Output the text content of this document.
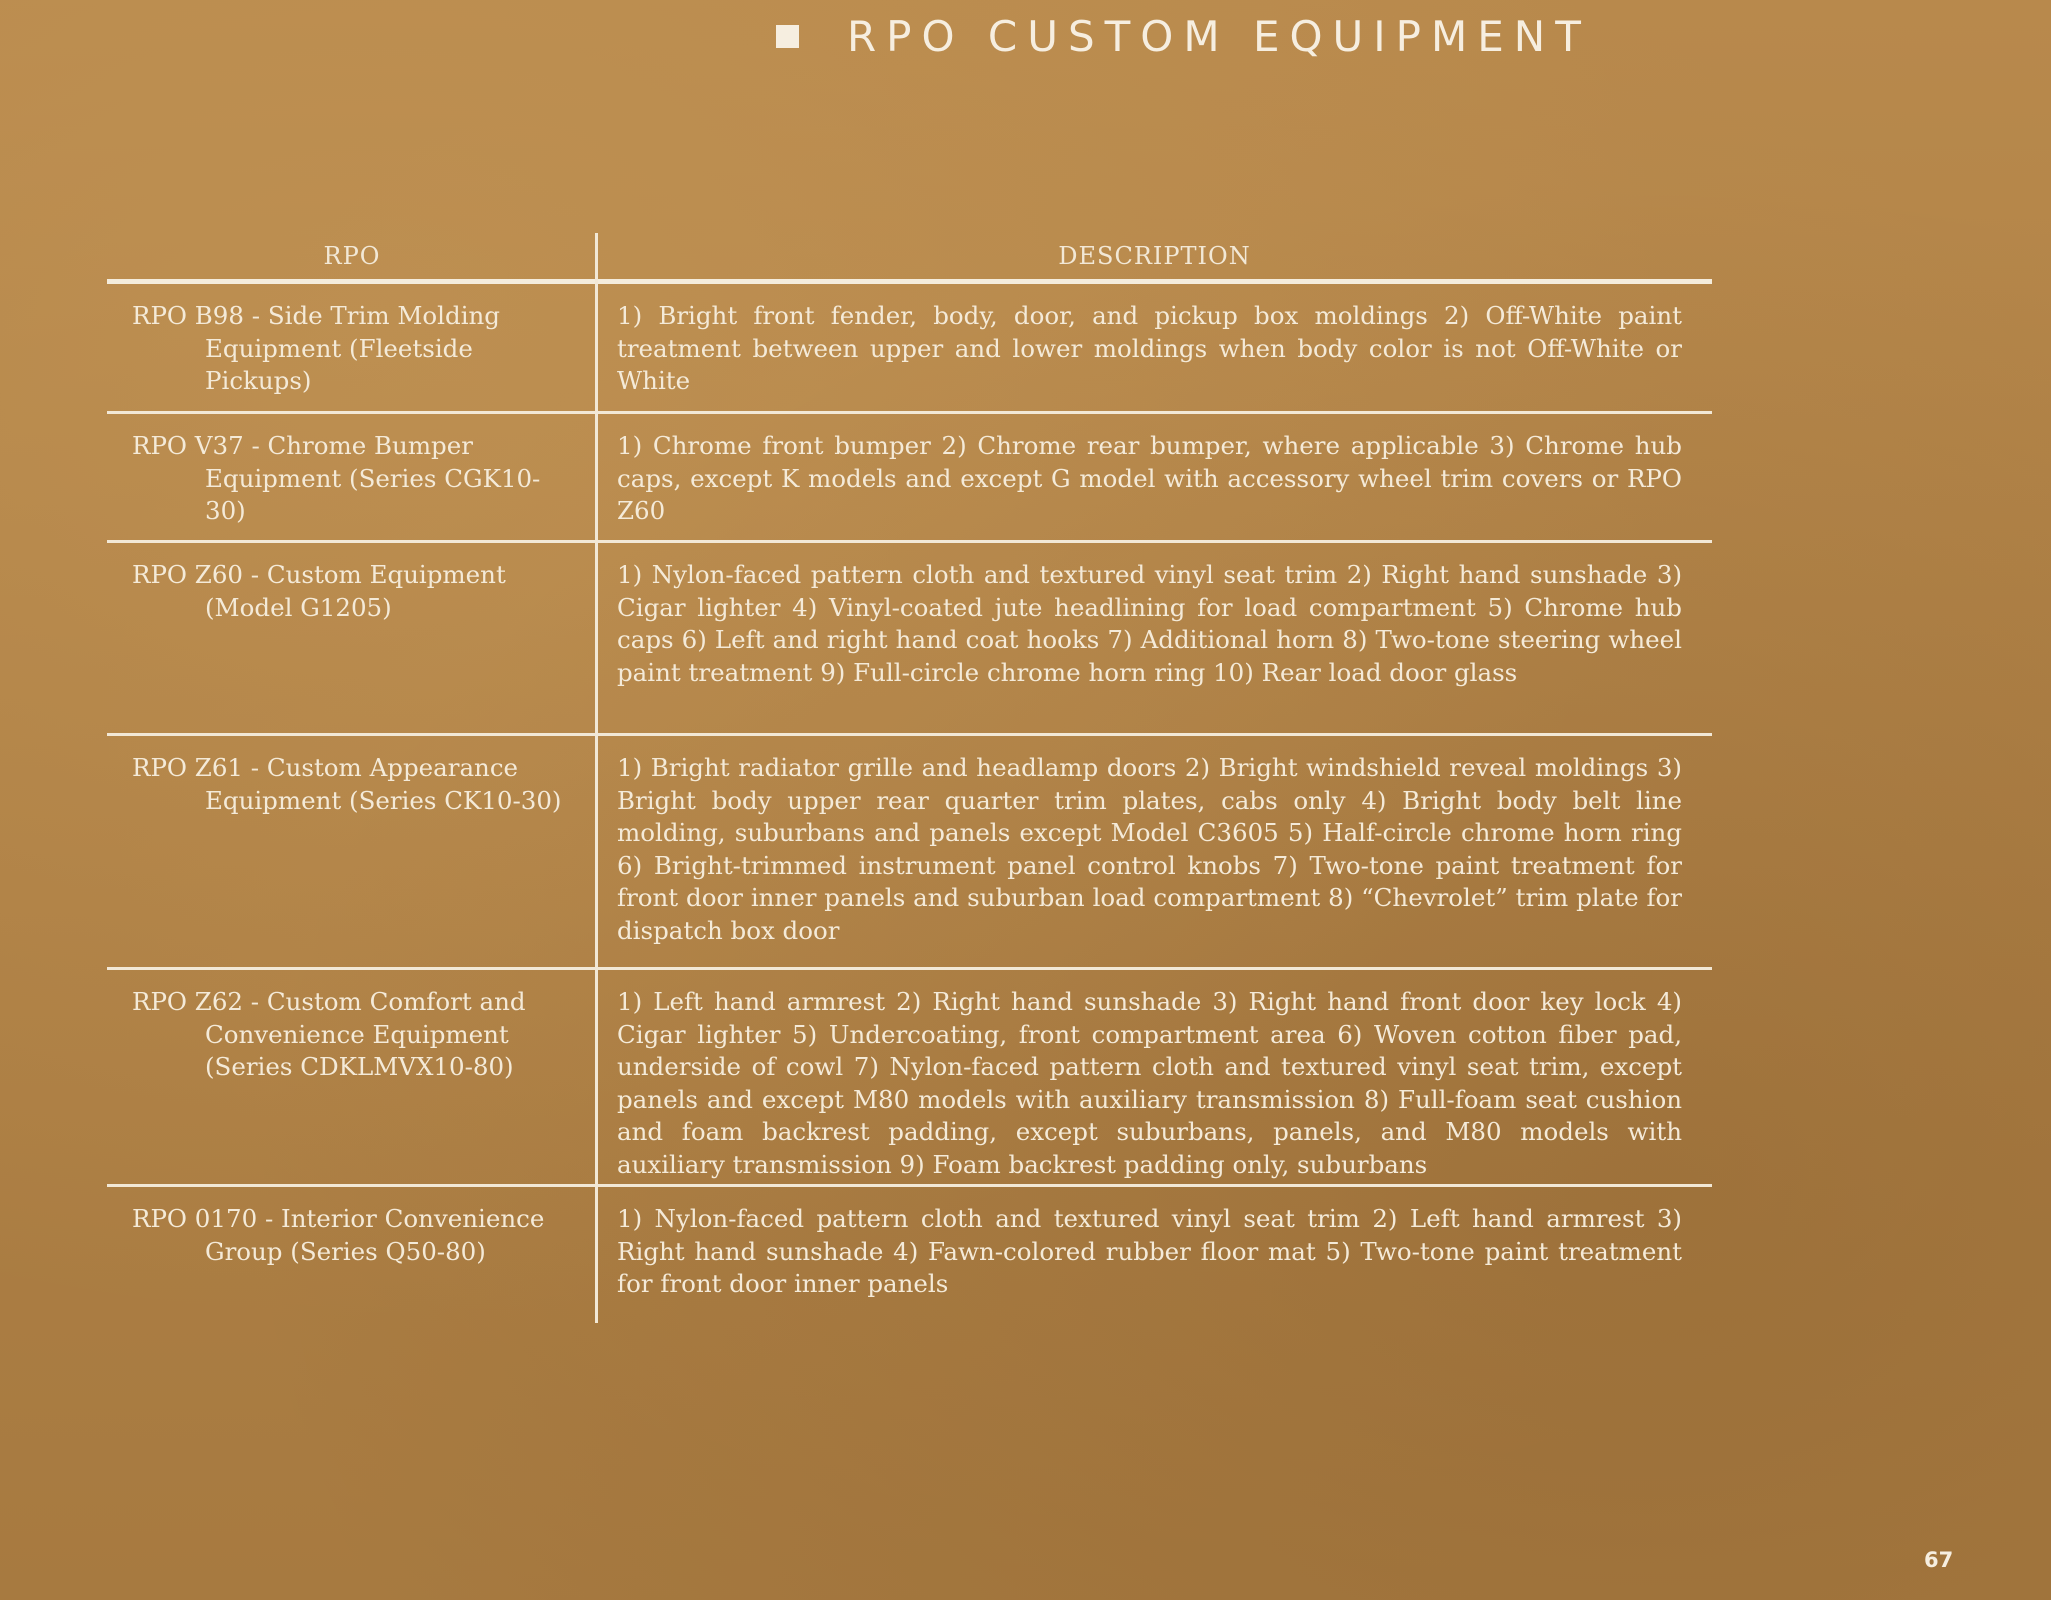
RPO CUSTOM EQUIPMENT
RPO	DESCRIPTION
RPO B98 - Side Trim Molding
Equipment (Fleetside Pickups)
1) Bright front fender, body, door, and pickup box moldings 2) Off-White paint treatment between upper and lower moldings when body color is not Off-White or White
RPO V37 - Chrome Bumper
Equipment (Series CGK10-30)
1) Chrome front bumper 2) Chrome rear bumper, where applicable 3) Chrome hub caps, except K models and except G model with accessory wheel trim covers or RPO Z60
RPO Z60 - Custom Equipment
(Model G1205)
1) Nylon-faced pattern cloth and textured vinyl seat trim 2) Right hand sunshade 3) Cigar lighter 4) Vinyl-coated jute headlining for load compartment 5) Chrome hub caps 6) Left and right hand coat hooks 7) Additional horn 8) Two-tone steering wheel paint treatment 9) Full-circle chrome horn ring 10) Rear load door glass
RPO Z61 - Custom Appearance
Equipment (Series CK10-30)
1) Bright radiator grille and headlamp doors 2) Bright windshield reveal moldings 3) Bright body upper rear quarter trim plates, cabs only 4) Bright body belt line molding, suburbans and panels except Model C3605 5) Half-circle chrome horn ring 6) Bright-trimmed instrument panel control knobs 7) Two-tone paint treatment for front door inner panels and suburban load compartment 8) “Chevrolet” trim plate for dispatch box door
RPO Z62 - Custom Comfort and
Convenience Equipment (Series CDKLMVX10-80)
1) Left hand armrest 2) Right hand sunshade 3) Right hand front door key lock 4) Cigar lighter 5) Undercoating, front compartment area 6) Woven cotton fiber pad, underside of cowl 7) Nylon-faced pattern cloth and textured vinyl seat trim, except panels and except M80 models with auxiliary transmission 8) Full-foam seat cushion and foam backrest padding, except suburbans, panels, and M80 models with auxiliary transmission 9) Foam backrest padding only, suburbans
RPO 0170 - Interior Convenience
Group (Series Q50-80)
1) Nylon-faced pattern cloth and textured vinyl seat trim 2) Left hand armrest 3) Right hand sunshade 4) Fawn-colored rubber floor mat 5) Two-tone paint treatment for front door inner panels
67
